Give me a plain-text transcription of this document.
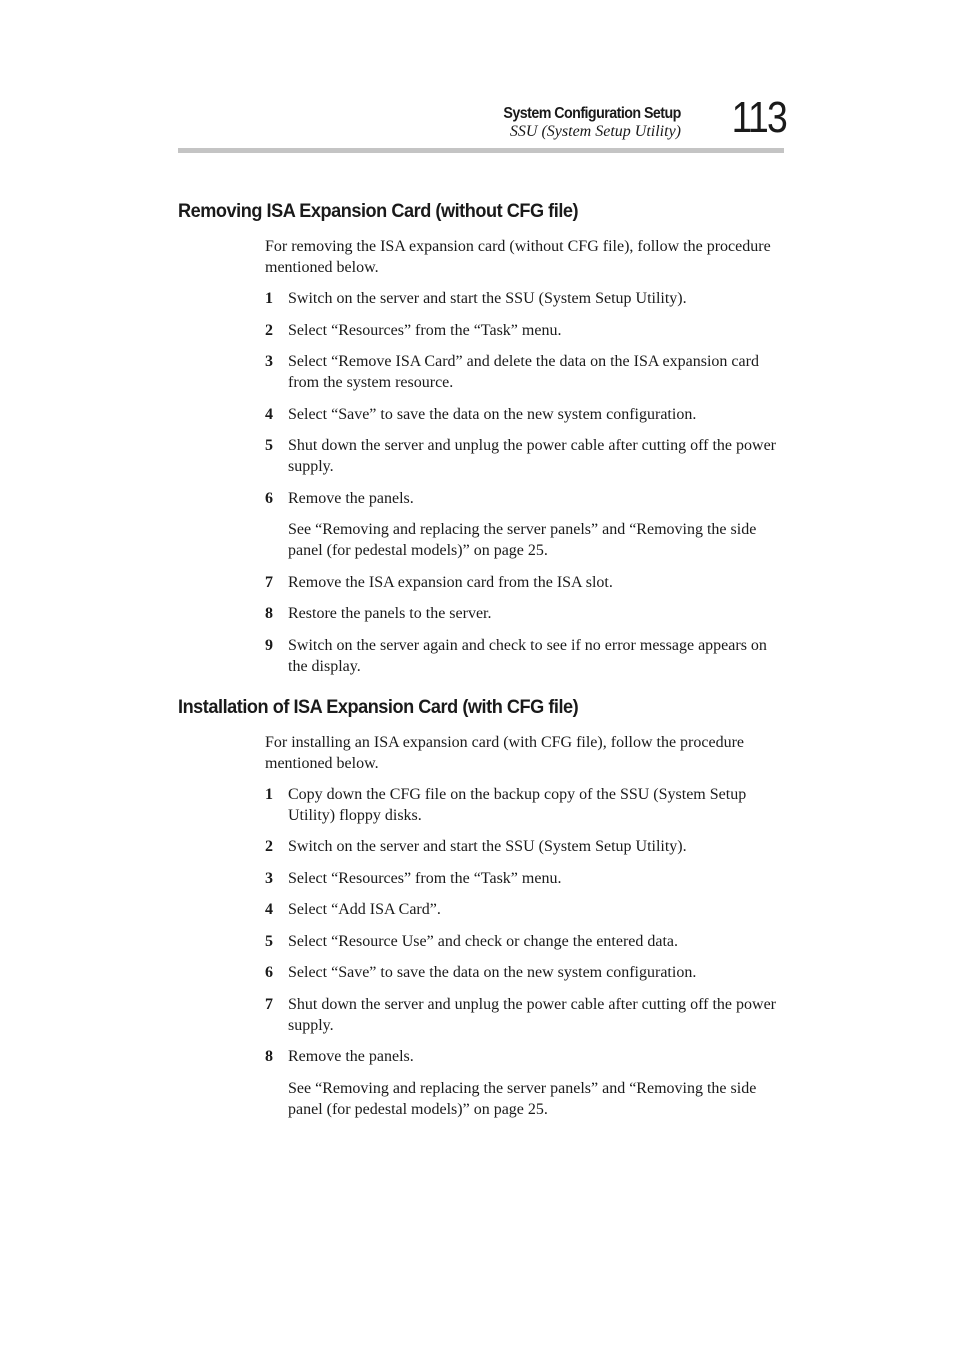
System Configuration Setup
SSU (System Setup Utility) 113
Removing ISA Expansion Card (without CFG file)

For removing the ISA expansion card (without CFG file), follow the procedure mentioned below.

1 Switch on the server and start the SSU (System Setup Utility).
2 Select “Resources” from the “Task” menu.
3 Select “Remove ISA Card” and delete the data on the ISA expansion card from the system resource.
4 Select “Save” to save the data on the new system configuration.
5 Shut down the server and unplug the power cable after cutting off the power supply.
6 Remove the panels.
See “Removing and replacing the server panels” and “Removing the side panel (for pedestal models)” on page 25.
7 Remove the ISA expansion card from the ISA slot.
8 Restore the panels to the server.
9 Switch on the server again and check to see if no error message appears on the display.
Installation of ISA Expansion Card (with CFG file)

For installing an ISA expansion card (with CFG file), follow the procedure mentioned below.

1 Copy down the CFG file on the backup copy of the SSU (System Setup Utility) floppy disks.
2 Switch on the server and start the SSU (System Setup Utility).
3 Select “Resources” from the “Task” menu.
4 Select “Add ISA Card”.
5 Select “Resource Use” and check or change the entered data.
6 Select “Save” to save the data on the new system configuration.
7 Shut down the server and unplug the power cable after cutting off the power supply.
8 Remove the panels.
See “Removing and replacing the server panels” and “Removing the side panel (for pedestal models)” on page 25.
